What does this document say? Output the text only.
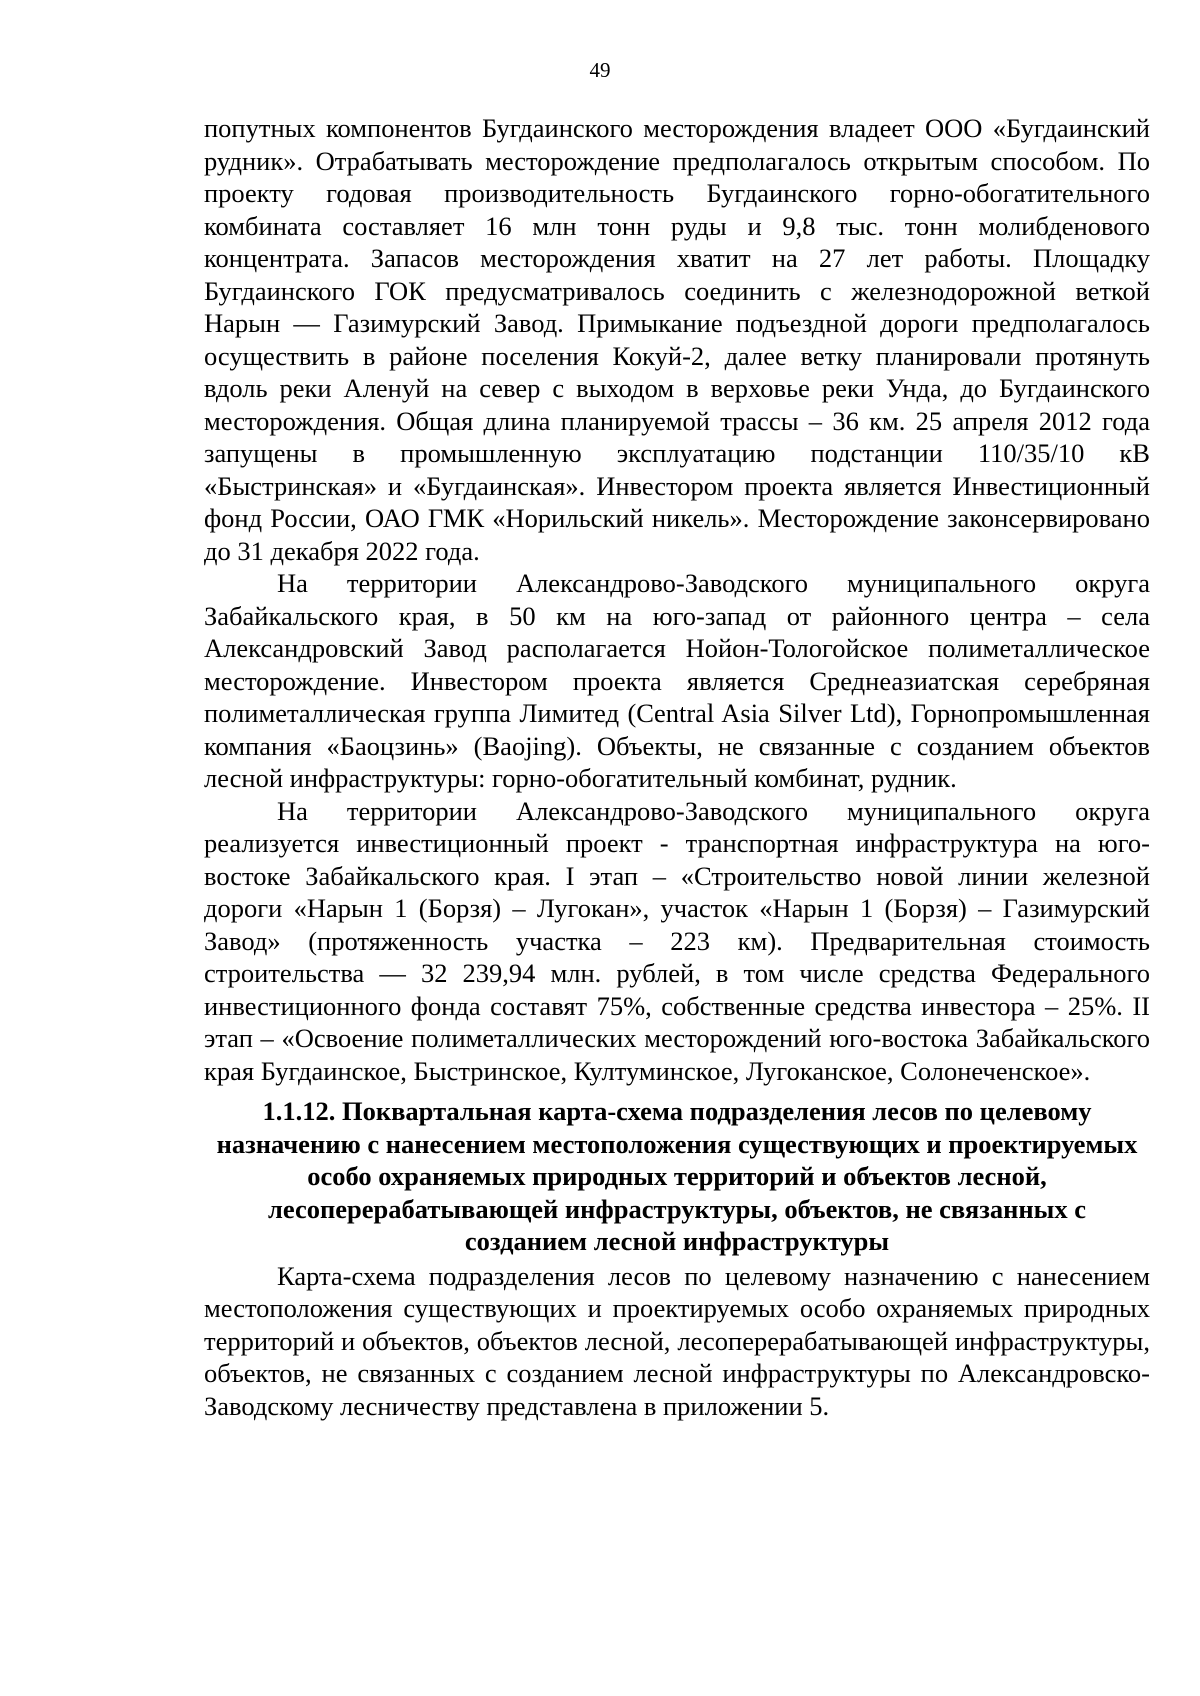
49

попутных компонентов Бугдаинского месторождения владеет ООО «Бугдаинский рудник». Отрабатывать месторождение предполагалось открытым способом. По проекту годовая производительность Бугдаинского горно-обогатительного комбината составляет 16 млн тонн руды и 9,8 тыс. тонн молибденового концентрата. Запасов месторождения хватит на 27 лет работы. Площадку Бугдаинского ГОК предусматривалось соединить с железнодорожной веткой Нарын — Газимурский Завод. Примыкание подъездной дороги предполагалось осуществить в районе поселения Кокуй-2, далее ветку планировали протянуть вдоль реки Аленуй на север с выходом в верховье реки Унда, до Бугдаинского месторождения. Общая длина планируемой трассы – 36 км. 25 апреля 2012 года запущены в промышленную эксплуатацию подстанции 110/35/10 кВ «Быстринская» и «Бугдаинская». Инвестором проекта является Инвестиционный фонд России, ОАО ГМК «Норильский никель». Месторождение законсервировано до 31 декабря 2022 года.

На территории Александрово-Заводского муниципального округа Забайкальского края, в 50 км на юго-запад от районного центра – села Александровский Завод располагается Нойон-Тологойское полиметаллическое месторождение. Инвестором проекта является Среднеазиатская серебряная полиметаллическая группа Лимитед (Central Asia Silver Ltd), Горнопромышленная компания «Баоцзинь» (Baojing). Объекты, не связанные с созданием объектов лесной инфраструктуры: горно-обогатительный комбинат, рудник.

На территории Александрово-Заводского муниципального округа реализуется инвестиционный проект - транспортная инфраструктура на юго-востоке Забайкальского края. I этап – «Строительство новой линии железной дороги «Нарын 1 (Борзя) – Лугокан», участок «Нарын 1 (Борзя) – Газимурский Завод» (протяженность участка – 223 км). Предварительная стоимость строительства — 32 239,94 млн. рублей, в том числе средства Федерального инвестиционного фонда составят 75%, собственные средства инвестора – 25%. II этап – «Освоение полиметаллических месторождений юго-востока Забайкальского края Бугдаинское, Быстринское, Култуминское, Лугоканское, Солонеченское».

1.1.12. Поквартальная карта-схема подразделения лесов по целевому назначению с нанесением местоположения существующих и проектируемых особо охраняемых природных территорий и объектов лесной, лесоперерабатывающей инфраструктуры, объектов, не связанных с созданием лесной инфраструктуры

Карта-схема подразделения лесов по целевому назначению с нанесением местоположения существующих и проектируемых особо охраняемых природных территорий и объектов, объектов лесной, лесоперерабатывающей инфраструктуры, объектов, не связанных с созданием лесной инфраструктуры по Александровско-Заводскому лесничеству представлена в приложении 5.
